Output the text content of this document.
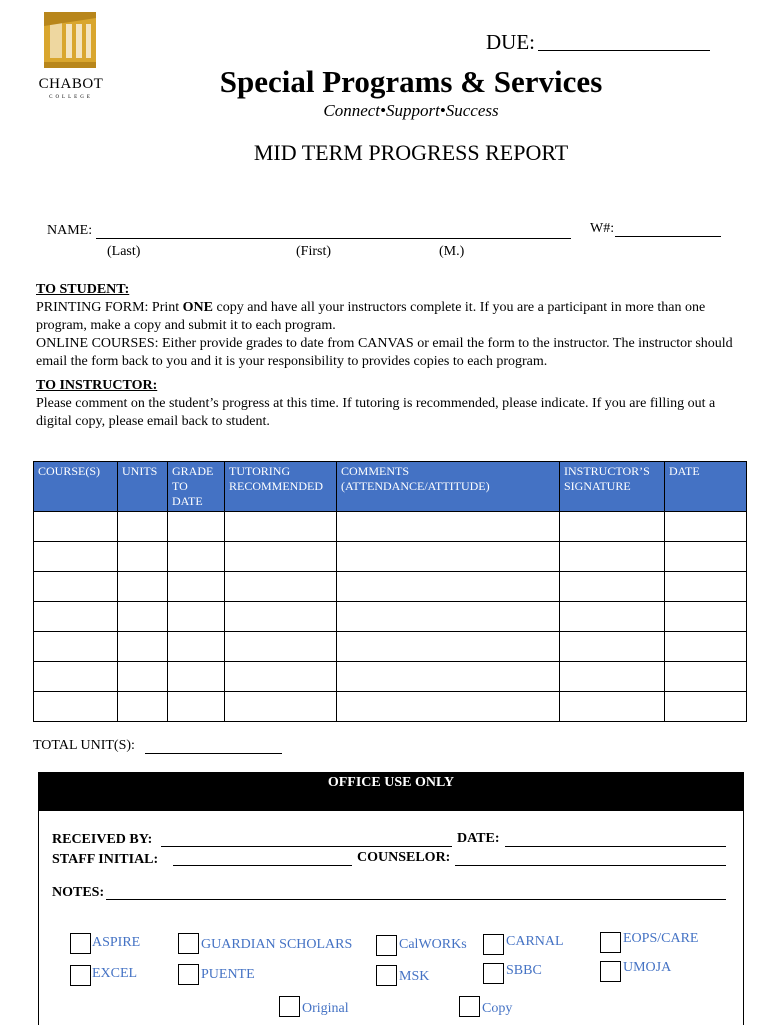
CHABOT
COLLEGE
DUE:
Special Programs & Services
Connect•Support•Success
MID TERM PROGRESS REPORT
NAME:	W#:
(Last)	(First)	(M.)
TO STUDENT:
PRINTING FORM: Print ONE copy and have all your instructors complete it. If you are a participant in more than one program, make a copy and submit it to each program.
ONLINE COURSES: Either provide grades to date from CANVAS or email the form to the instructor. The instructor should email the form back to you and it is your responsibility to provides copies to each program.
TO INSTRUCTOR:
Please comment on the student’s progress at this time. If tutoring is recommended, please indicate. If you are filling out a digital copy, please email back to student.
COURSE(S)	UNITS	GRADE TO DATE	TUTORING RECOMMENDED	COMMENTS (ATTENDANCE/ATTITUDE)	INSTRUCTOR’S SIGNATURE	DATE

TOTAL UNIT(S):
OFFICE USE ONLY
RECEIVED BY:	DATE:
STAFF INITIAL:	COUNSELOR:
NOTES:
ASPIRE	GUARDIAN SCHOLARS	CalWORKs	CARNAL	EOPS/CARE
EXCEL	PUENTE	MSK	SBBC	UMOJA
Original	Copy
